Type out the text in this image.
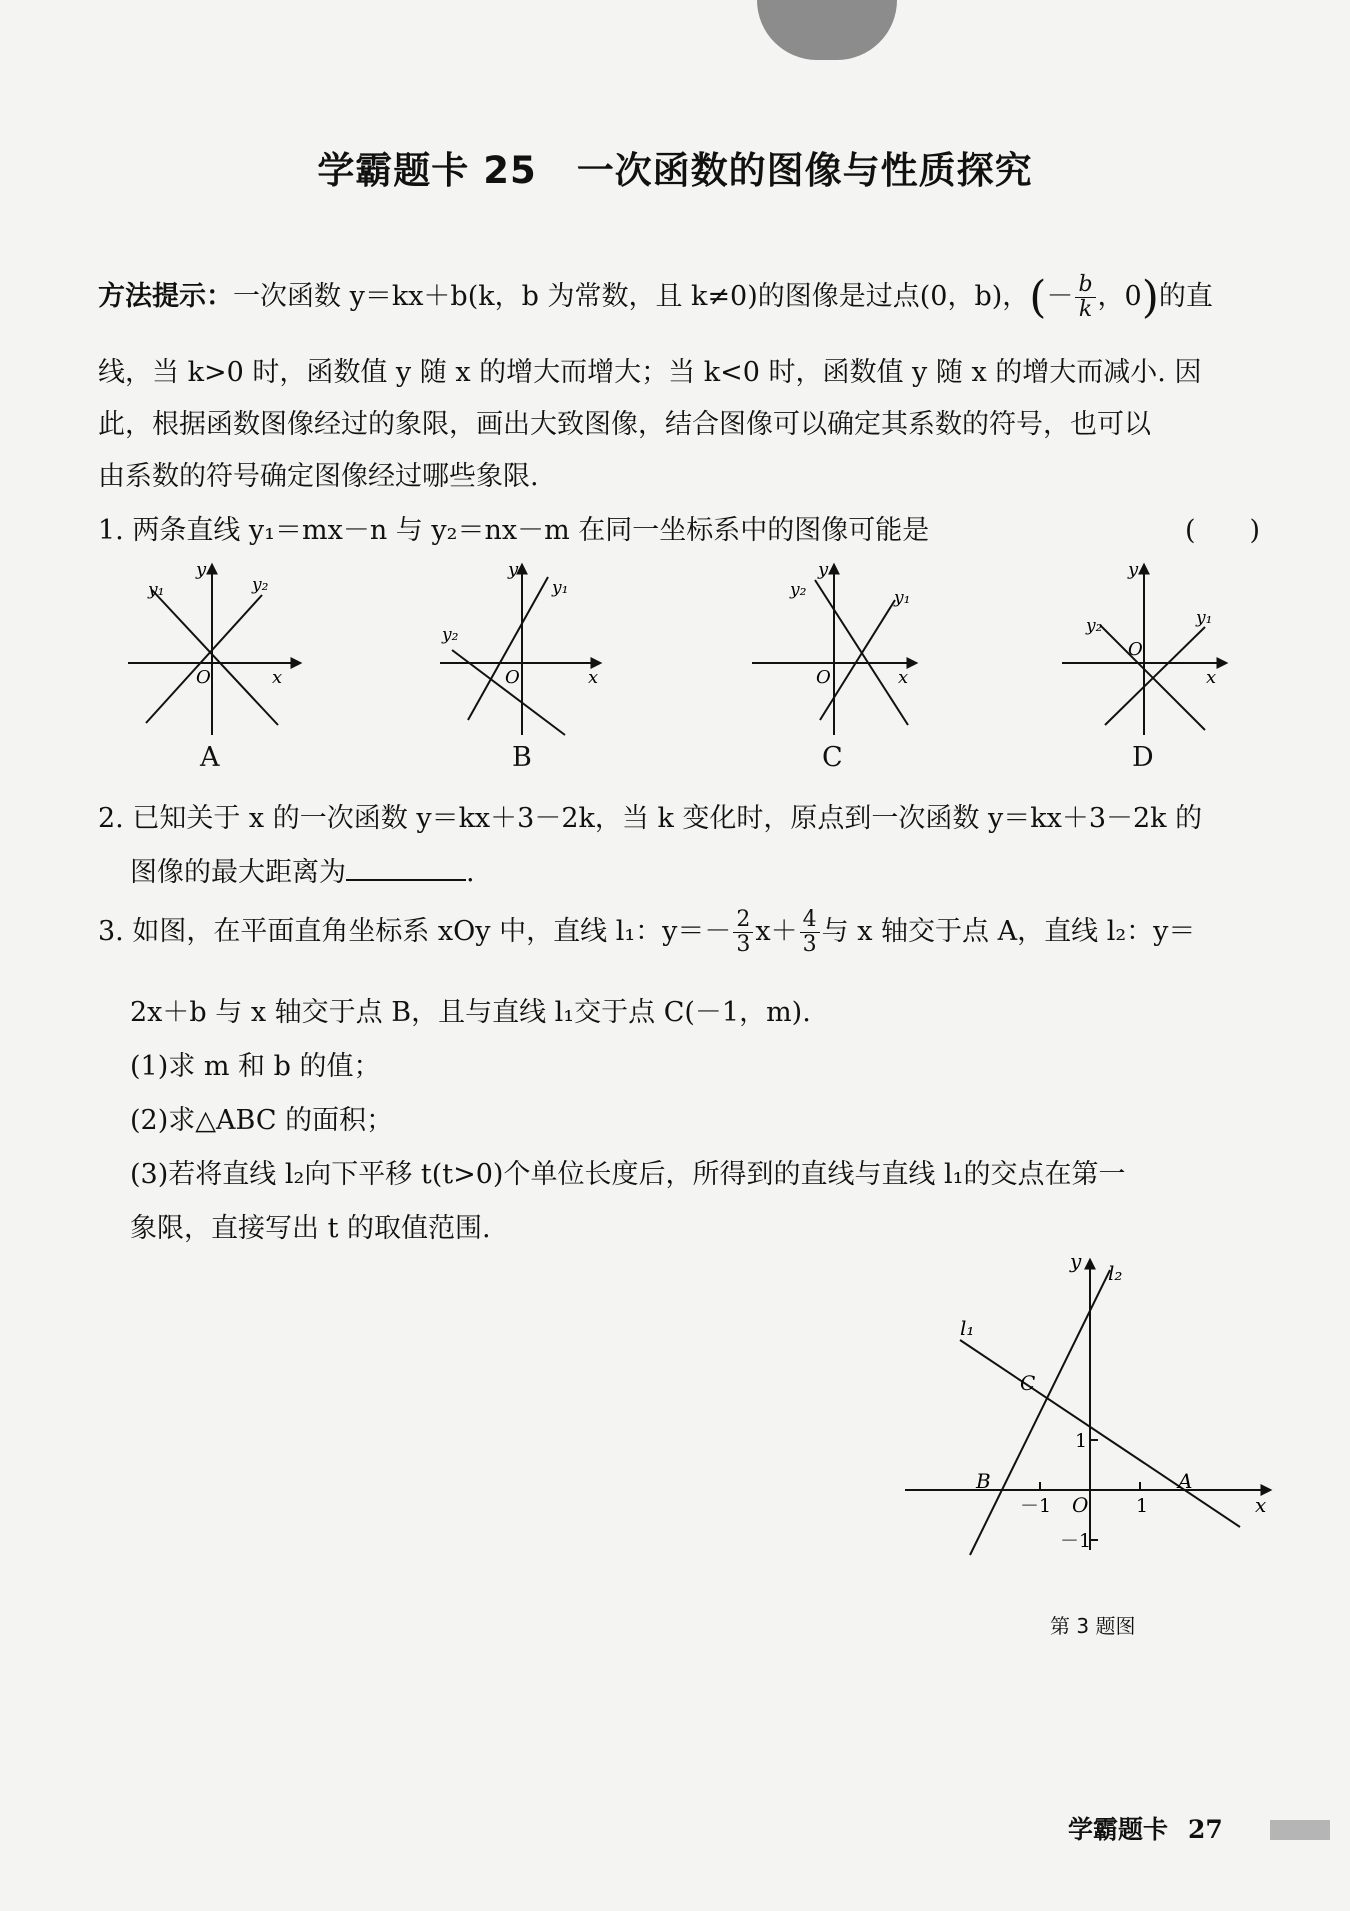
学霸题卡 25 一次函数的图像与性质探究
方法提示：一次函数 y＝kx＋b(k，b 为常数，且 k≠0)的图像是过点(0，b)，(－ $\frac{b}{k}$ ，0)的直
线，当 k>0 时，函数值 y 随 x 的增大而增大；当 k<0 时，函数值 y 随 x 的增大而减小. 因
此，根据函数图像经过的象限，画出大致图像，结合图像可以确定其系数的符号，也可以
由系数的符号确定图像经过哪些象限.
1. 两条直线 y₁＝mx－n 与 y₂＝nx－m 在同一坐标系中的图像可能是	(　　)
O	x
y
y₁	y₂
O	x
y
y₁
y₂
O	x
y
y₁
y₂
O
x
y
y₁
y₂
A	B	C	D
2. 已知关于 x 的一次函数 y＝kx＋3－2k，当 k 变化时，原点到一次函数 y＝kx＋3－2k 的
图像的最大距离为	.
3. 如图，在平面直角坐标系 xOy 中，直线 l₁：$y=- \frac{2}{3} x+ \frac{4}{3}$ 与 x 轴交于点 A，直线 l₂：y＝
2x＋b 与 x 轴交于点 B，且与直线 l₁交于点 C(－1，m).
(1)求 m 和 b 的值；
(2)求△ABC 的面积；
(3)若将直线 l₂向下平移 t(t>0)个单位长度后，所得到的直线与直线 l₁的交点在第一
象限，直接写出 t 的取值范围.
y
x
O
A
B
C
l₁
l₂
－1	1
1
－1
第 3 题图
学霸题卡 27
